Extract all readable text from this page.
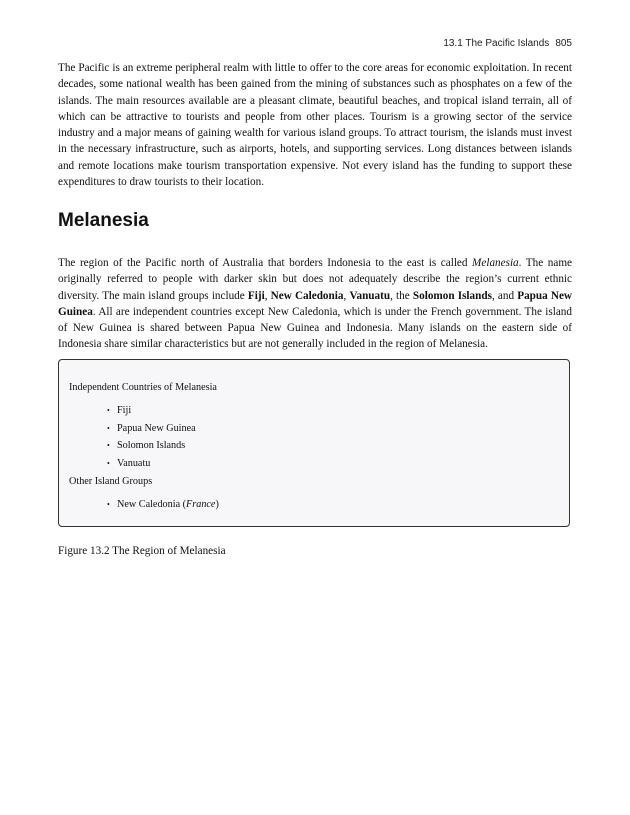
13.1 The Pacific Islands 805

The Pacific is an extreme peripheral realm with little to offer to the core areas for economic exploitation. In recent decades, some national wealth has been gained from the mining of substances such as phosphates on a few of the islands. The main resources available are a pleasant climate, beautiful beaches, and tropical island terrain, all of which can be attractive to tourists and people from other places. Tourism is a growing sector of the service industry and a major means of gaining wealth for various island groups. To attract tourism, the islands must invest in the necessary infrastructure, such as airports, hotels, and supporting services. Long distances between islands and remote locations make tourism transportation expensive. Not every island has the funding to support these expenditures to draw tourists to their location.

Melanesia

The region of the Pacific north of Australia that borders Indonesia to the east is called Melanesia. The name originally referred to people with darker skin but does not adequately describe the region’s current ethnic diversity. The main island groups include Fiji, New Caledonia, Vanuatu, the Solomon Islands, and Papua New Guinea. All are independent countries except New Caledonia, which is under the French government. The island of New Guinea is shared between Papua New Guinea and Indonesia. Many islands on the eastern side of Indonesia share similar characteristics but are not generally included in the region of Melanesia.

Independent Countries of Melanesia

• Fiji
• Papua New Guinea
• Solomon Islands
• Vanuatu

Other Island Groups

• New Caledonia (France)

Figure 13.2 The Region of Melanesia
